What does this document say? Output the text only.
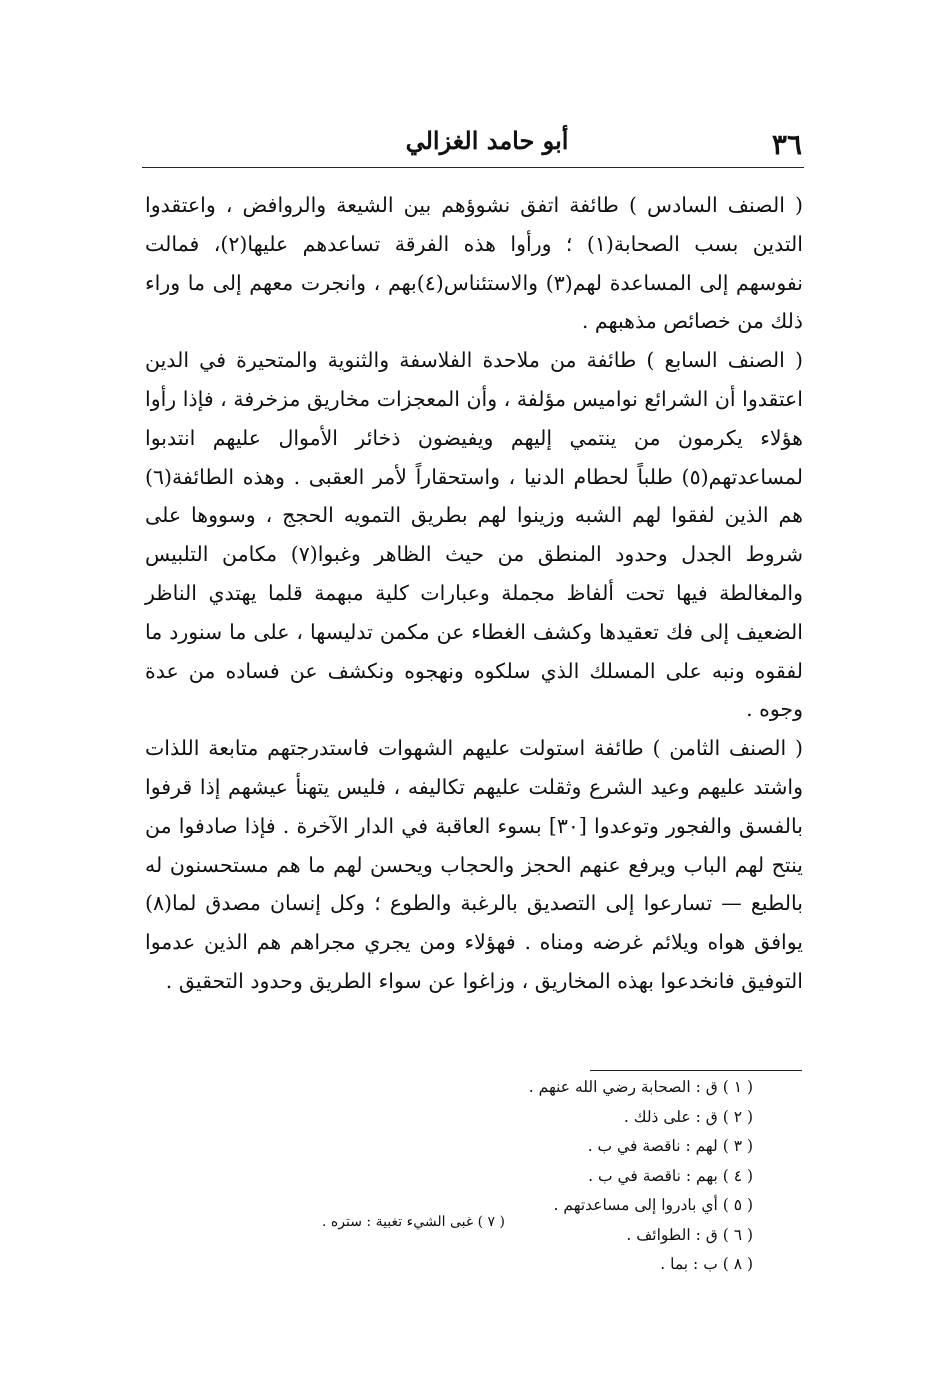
٣٦
أبو حامد الغزالي

( الصنف السادس ) طائفة اتفق نشوؤهم بين الشيعة والروافض ، واعتقدوا التدين بسب الصحابة(١) ؛ ورأوا هذه الفرقة تساعدهم عليها(٢)، فمالت نفوسهم إلى المساعدة لهم(٣) والاستئناس(٤)بهم ، وانجرت معهم إلى ما وراء ذلك من خصائص مذهبهم .

( الصنف السابع ) طائفة من ملاحدة الفلاسفة والثنوية والمتحيرة في الدين اعتقدوا أن الشرائع نواميس مؤلفة ، وأن المعجزات مخاريق مزخرفة ، فإذا رأوا هؤلاء يكرمون من ينتمي إليهم ويفيضون ذخائر الأموال عليهم انتدبوا لمساعدتهم(٥) طلباً لحطام الدنيا ، واستحقاراً لأمر العقبى . وهذه الطائفة(٦) هم الذين لفقوا لهم الشبه وزينوا لهم بطريق التمويه الحجج ، وسووها على شروط الجدل وحدود المنطق من حيث الظاهر وغبوا(٧) مكامن التلبيس والمغالطة فيها تحت ألفاظ مجملة وعبارات كلية مبهمة قلما يهتدي الناظر الضعيف إلى فك تعقيدها وكشف الغطاء عن مكمن تدليسها ، على ما سنورد ما لفقوه ونبه على المسلك الذي سلكوه ونهجوه ونكشف عن فساده من عدة وجوه .

( الصنف الثامن ) طائفة استولت عليهم الشهوات فاستدرجتهم متابعة اللذات واشتد عليهم وعيد الشرع وثقلت عليهم تكاليفه ، فليس يتهنأ عيشهم إذا قرفوا بالفسق والفجور وتوعدوا [٣٠] بسوء العاقبة في الدار الآخرة . فإذا صادفوا من ينتح لهم الباب ويرفع عنهم الحجز والحجاب ويحسن لهم ما هم مستحسنون له بالطبع — تسارعوا إلى التصديق بالرغبة والطوع ؛ وكل إنسان مصدق لما(٨) يوافق هواه ويلائم غرضه ومناه . فهؤلاء ومن يجري مجراهم هم الذين عدموا التوفيق فانخدعوا بهذه المخاريق ، وزاغوا عن سواء الطريق وحدود التحقيق .

( ١ ) ق : الصحابة رضي الله عنهم .
( ٢ ) ق : على ذلك .
( ٣ ) لهم : ناقصة في ب .
( ٤ ) بهم : ناقصة في ب .
( ٥ ) أي بادروا إلى مساعدتهم .
( ٦ ) ق : الطوائف .
( ٨ ) ب : بما .
( ٧ ) غبى الشيء تغبية : ستره .
